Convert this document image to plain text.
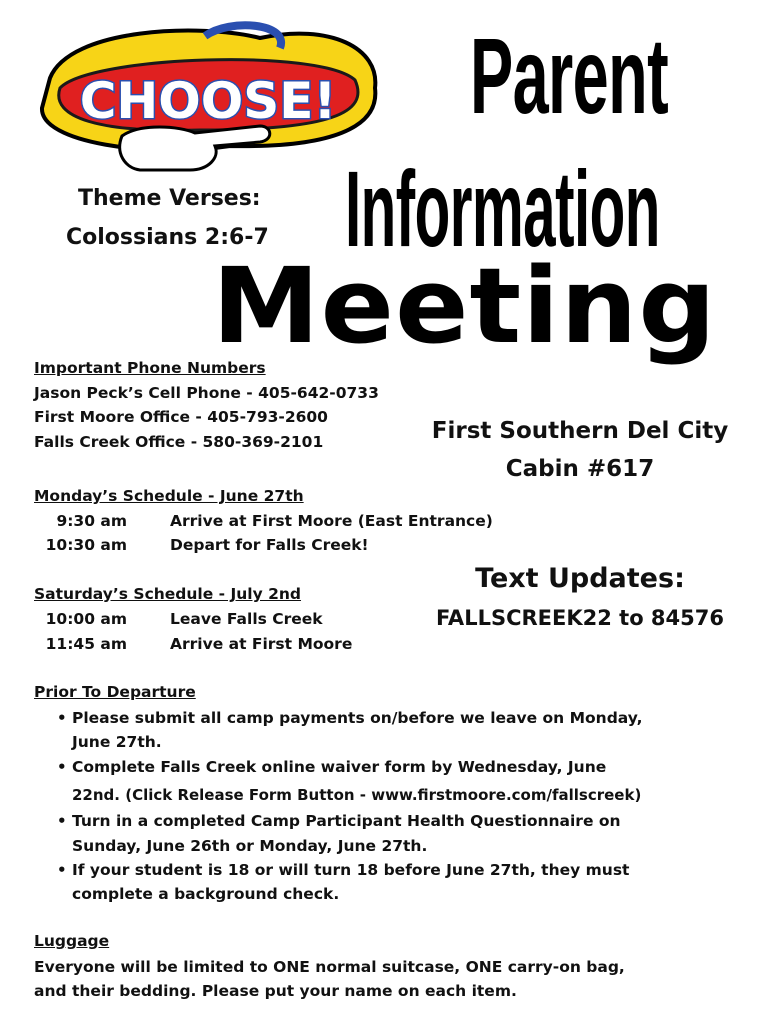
CHOOSE! Parent
Information
Meeting
Theme Verses:
Colossians 2:6-7
Important Phone Numbers
Jason Peck’s Cell Phone - 405-642-0733
First Moore Office - 405-793-2600
Falls Creek Office - 580-369-2101	First Southern Del City
Cabin #617
Monday’s Schedule - June 27th
9:30 am	Arrive at First Moore (East Entrance)
10:30 am	Depart for Falls Creek!
Text Updates:
FALLSCREEK22 to 84576
Saturday’s Schedule - July 2nd
10:00 am	Leave Falls Creek
11:45 am	Arrive at First Moore
Prior To Departure
• Please submit all camp payments on/before we leave on Monday,
June 27th.
• Complete Falls Creek online waiver form by Wednesday, June
22nd. (Click Release Form Button - www.firstmoore.com/fallscreek)
• Turn in a completed Camp Participant Health Questionnaire on
Sunday, June 26th or Monday, June 27th.
• If your student is 18 or will turn 18 before June 27th, they must
complete a background check.
Luggage
Everyone will be limited to ONE normal suitcase, ONE carry-on bag,
and their bedding. Please put your name on each item.
